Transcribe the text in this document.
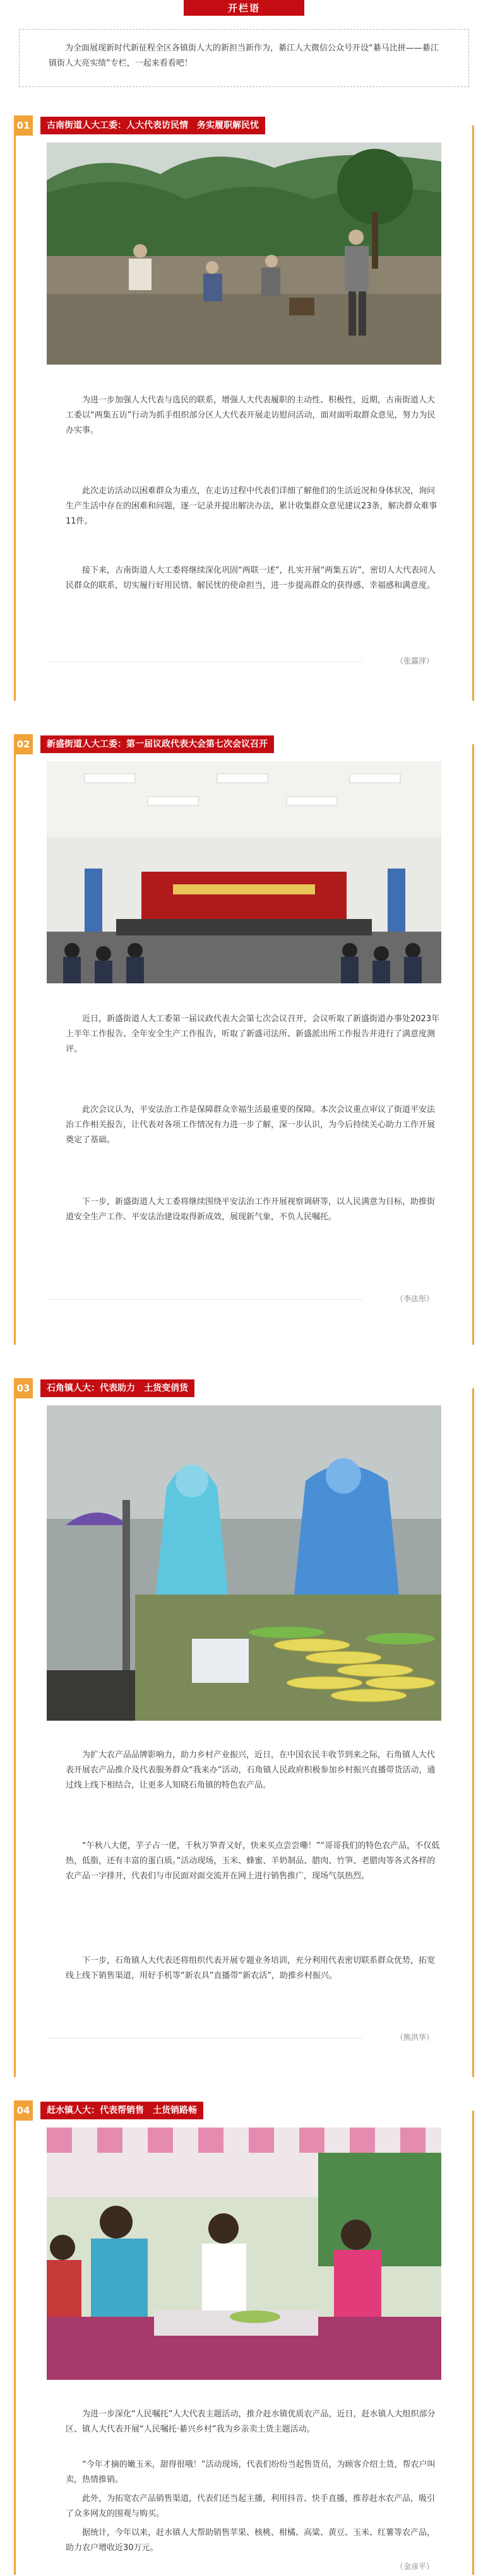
开栏语

为全面展现新时代新征程全区各镇街人大的新担当新作为，綦江人大微信公众号开设“綦马比拼——綦江镇街人大亮实绩”专栏，一起来看看吧！

01	古南街道人大工委：人大代表访民情　务实履职解民忧

为进一步加强人大代表与选民的联系，增强人大代表履职的主动性、积极性，近期，古南街道人大工委以“两集五访”行动为抓手组织部分区人大代表开展走访慰问活动，面对面听取群众意见，努力为民办实事。

此次走访活动以困难群众为重点，在走访过程中代表们详细了解他们的生活近况和身体状况，询问生产生活中存在的困难和问题，逐一记录并提出解决办法，累计收集群众意见建议23条，解决群众难事11件。

接下来，古南街道人大工委将继续深化巩固“两联一述”，扎实开展“两集五访”，密切人大代表同人民群众的联系，切实履行好用民情、解民忧的使命担当，进一步提高群众的获得感、幸福感和满意度。

（张露萍）
02	新盛街道人大工委：第一届议政代表大会第七次会议召开

近日，新盛街道人大工委第一届议政代表大会第七次会议召开，会议听取了新盛街道办事处2023年上半年工作报告、全年安全生产工作报告，听取了新盛司法所、新盛派出所工作报告并进行了满意度测评。

此次会议认为，平安法治工作是保障群众幸福生活最重要的保障。本次会议重点审议了街道平安法治工作相关报告，让代表对各项工作情况有力进一步了解，深一步认识，为今后持续关心助力工作开展奠定了基础。

下一步，新盛街道人大工委将继续围绕平安法治工作开展视察调研等，以人民满意为目标，助推街道安全生产工作、平安法治建设取得新成效，展现新气象，不负人民嘱托。

（李法彤）
03	石角镇人大：代表助力　土货变俏货

为扩大农产品品牌影响力，助力乡村产业振兴，近日，在中国农民丰收节到来之际，石角镇人大代表开展农产品推介及代表服务群众“我来办”活动，石角镇人民政府积极参加乡村振兴直播带货活动，通过线上线下相结合，让更多人知晓石角镇的特色农产品。

“午秋八大佬，芋子占一佬，千秋万笋青又好，快来买点尝尝嘞！”“哥哥我们的特色农产品，不仅低热，低脂，还有丰富的蛋白质。”活动现场，玉米、蜂蜜、羊奶制品、腊肉、竹笋、老腊肉等各式各样的农产品一字排开，代表们与市民面对面交流并在网上进行销售推广，现场气氛热烈。

下一步，石角镇人大代表还将组织代表开展专题业务培训，充分利用代表密切联系群众优势，拓宽线上线下销售渠道，用好手机等“新农具”直播带“新农活”，助推乡村振兴。

（熊洪华）
04	赶水镇人大：代表帮销售　土货销路畅

为进一步深化“人民嘱托”人大代表主题活动，推介赶水镇优质农产品，近日，赶水镇人大组织部分区、镇人大代表开展“人民嘱托·綦兴乡村”我为乡亲卖土货主题活动。

“今年才摘的嫩玉米，甜得很哦！”活动现场，代表们纷纷当起售货员，为顾客介绍土货，帮农户叫卖，热情推销。

此外，为拓宽农产品销售渠道，代表们还当起主播，利用抖音、快手直播，推荐赶水农产品，吸引了众多网友的围观与购买。

据统计，今年以来，赶水镇人大帮助销售苹果、核桃、柑橘、高粱、黄豆、玉米、红薯等农产品，助力农户增收近30万元。

（金彦平）
